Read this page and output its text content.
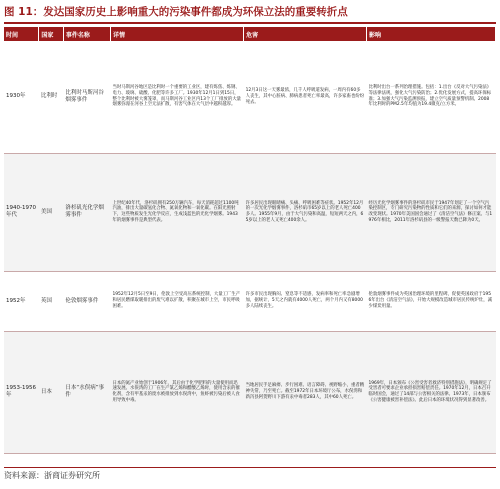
图 11：发达国家历史上影响重大的污染事件都成为环保立法的重要转折点
时间	国家	事件名称	详情	危害	影响
1930年	比利时	比利时马斯河谷烟雾事件	当时马斯河谷地区是比利时一个重要的工业区，建有炼焦、炼钢、电力、玻璃、硫酸、化肥等许多工厂。1930年12月1日到15日，整个比利时被大雾笼罩，而马斯河谷工业区内13个工厂排放的大量烟雾弥漫在河谷上空无法扩散，有害气体在大气层中越积越厚。	12月3日这一天雾最浓，几千人呼吸道发病，一周内有60多人丧生，其中心脏病、肺病患者死亡率最高，许多家畜也纷纷死去。	比利时出台一系列治理措施。包括：1.出台《反对大气污染法》等法律法规，强化大气污染防治；2.优化发展方式，提高环保标准；3.加强大气污染监测预报，建立空气质量预警机制。2008年比利时的PM2.5年均值为19.4微克/立方米。
1940-1970年代	美国	洛杉矶光化学烟雾事件	上世纪40年代，洛杉矶拥有250万辆汽车，每天消耗超过1100吨汽油，排出大量碳氢化合物、氮氧化物和一氧化碳。在阳光照射下，这些物质发生光化学反应，生成浅蓝色的光化学烟雾。1943年的烟雾事件是典型代表。	许多居民出现眼睛痛、头痛、呼吸困难等症状。1952年12月的一次光化学烟雾事件，洛杉矶市65岁以上的老人死亡400多人。1955年9月，由于大气污染和高温，短短两天之内，65岁以上的老人又死亡400余人。	经历光化学烟雾事件的洛杉矶市民于1947年划定了一个空气污染控制区，专门研究污染物的性质和它们的来源，探讨如何才能改变现状。1970年美国国会通过了《清洁空气法》修正案。与1976年相比，2011年洛杉矶县的一级警报天数已降为0天。
1952年	英国	伦敦烟雾事件	1952年12月5日至9日，伦敦上空受高压系统控制，大量工厂生产和居民燃煤取暖排出的废气难以扩散，积聚在城市上空，市民呼吸困难。	许多市民出现胸闷、窒息等不适感，发病率和死亡率急剧增加，据统计，5天之内就有4000人死亡，两个月内又有8000多人陆续丧生。	伦敦烟雾事件成为英国治理环境的里程碑，促使英国政府于1956年出台《清洁空气法》，开始大规模改造城市居民传统炉灶，减少煤炭用量。
1953-1956年	日本	日本“水俣病”事件	日本的氮产业始创于1906年，其后由于化学肥料的大量使用而迅速发展。水俣湾的工厂在生产氯乙烯和醋酸乙烯时，使用含汞的催化剂，含有甲基汞的废水被排放到水俣湾中，鱼虾被污染后被人食用导致中毒。	当地居民手足麻痹、步行困难、语言障碍、视野缩小，重者精神失常，乃至死亡。截至1972年日本环境厅公布，水俣湾和新泻县阿贺野川下游有汞中毒者283人，其中60人死亡。	1969年，日本颁布《公害受害者救济特别措施法》，明确规定了受害者可要求企业承担损害赔偿责任。1970年12月，日本召开临时国会，通过了14部与公害相关的法律。1973年，日本颁布《公害健康被害补偿法》。此后日本的环境状况得到显著改善。
资料来源：浙商证券研究所
